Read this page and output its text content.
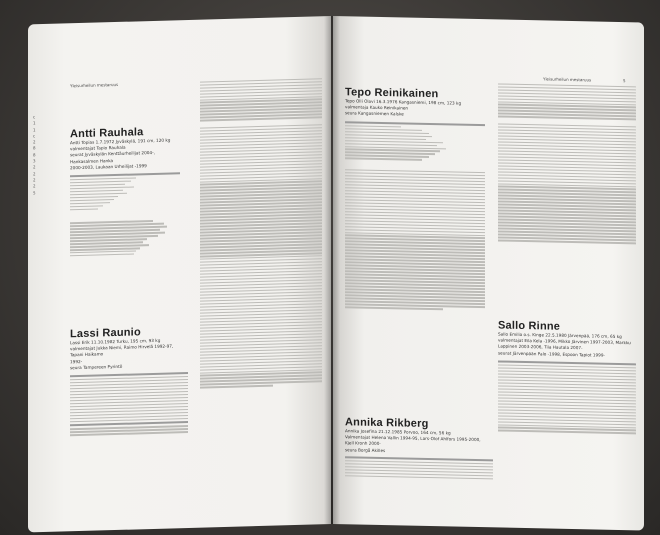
Yleisurheilun mestaruus
c
1
1
c
2
8
8
3
2
2
2
2
5
Antti Rauhala
Antti Topias 1.7.1972 Jyväskylä, 191 cm, 120 kg
valmentajat Tapio Rauhala
seurat Jyväskylän Kenttäurheilijat 2004-, Hankasalmen Hanka
2000-2003, Laukaan Urheilijat -1999
Lassi Raunio
Lassi Erik 11.10.1982 Turku, 195 cm, 93 kg
valmentajat Jukka Niemi, Raimo Hirvelä 1992-97, Tapani Haikamo
1992-
seura Tampereen Pyrintö
Yleisurheilun mestaruus	5
Tepo Reinikainen
Tepo Olli Olavi 16.3.1976 Kangasniemi, 198 cm, 123 kg
valmentaja Kauko Reinikainen
seura Kangasniemen Kalske
Annika Rikberg
Annika Josefina 21.12.1985 Porvoo, 164 cm, 56 kg
Valmentajat Helena Vallin 1994-95, Lars-Olof Ahlfors 1995-2000,
Kjell Kronh 2000-
seura Borgå Akilles
Sallo Rinne
Sallo Emilia o.s. Kinge 22.5.1980 Järvenpää, 176 cm, 65 kg
valmentajat Eila Kela -1996, Mikko Järvinen 1997-2003, Markku
Lappinen 2003-2006, Tiia Hautala 2007-
seurat Järvenpään Palo -1998, Espoon Tapiot 1999-
